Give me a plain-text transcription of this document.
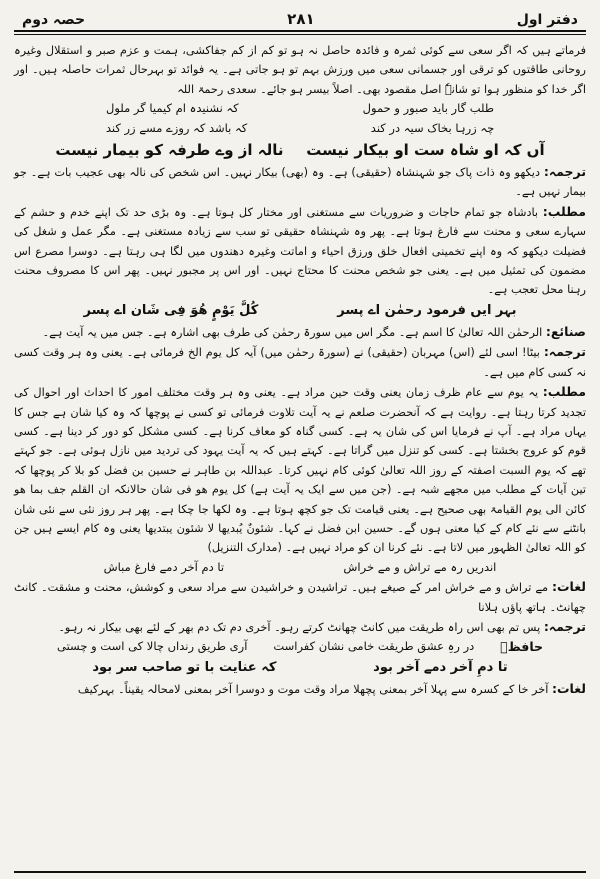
دفتر اول
۲۸۱
حصہ دوم

فرماتے ہیں کہ اگر سعی سے کوئی ثمرہ و فائدہ حاصل نہ ہو تو کم از کم جفاکشی، ہمت و عزم صبر و استقلال وغیرہ روحانی طاقتوں کو ترقی اور جسمانی سعی میں ورزش بہم تو ہو جاتی ہے۔ یہ فوائد تو بہرحال ثمرات حاصلہ ہیں۔ اور اگر خدا کو منظور ہوا تو شانہٗ اصل مقصود بھی۔ اصلاً بیسر ہو جائے۔ سعدی رحمۃ اللہ

طلب گار باید صبور و حمول
کہ نشنیدہ ام کیمیا گر ملول
چہ زرہا بخاک سیہ در کند
کہ باشد کہ روزے مسے زر کند
آں کہ او شاہ ست او بیکار نیست
نالہ از وے طرفہ کو بیمار نیست

ترجمہ: دیکھو وہ ذات پاک جو شہنشاہ (حقیقی) ہے۔ وہ (بھی) بیکار نہیں۔ اس شخص کی نالہ بھی عجیب بات ہے۔ جو بیمار نہیں ہے۔

مطلب: بادشاہ جو تمام حاجات و ضروریات سے مستغنی اور مختار کل ہوتا ہے۔ وہ بڑی حد تک اپنے خدم و حشم کے سہارے سعی و محنت سے فارغ ہوتا ہے۔ پھر وہ شہنشاہ حقیقی تو سب سے زیادہ مستغنی ہے۔ مگر عمل و شغل کی فضیلت دیکھو کہ وہ اپنے تخمینی افعال خلق ورزق احیاء و اماتت وغیرہ دھندوں میں لگا ہی رہتا ہے۔ دوسرا مصرع اس مضمون کی تمثیل میں ہے۔ یعنی جو شخص محنت کا محتاج نہیں۔ اور اس پر مجبور نہیں۔ پھر اس کا مصروف محنت رہنا محل تعجب ہے۔

بہر ایں فرمود رحمٰن اے پسر
کُلَّ یَوْمٍ ھُوَ فِی شَان اے پسر

صنائع: الرحمٰن اللہ تعالیٰ کا اسم ہے۔ مگر اس میں سورۃ رحمٰن کی طرف بھی اشارہ ہے۔ جس میں یہ آیت ہے۔

ترجمہ: بیٹا! اسی لئے (اس) مہربان (حقیقی) نے (سورۃ رحمٰن میں) آیہ کل یوم الخ فرمائی ہے۔ یعنی وہ ہر وقت کسی نہ کسی کام میں ہے۔

مطلب: یہ یوم سے عام ظرف زمان یعنی وقت حین مراد ہے۔ یعنی وہ ہر وقت مختلف امور کا احداث اور احوال کی تجدید کرتا رہتا ہے۔ روایت ہے کہ آنحضرت صلعم نے یہ آیت تلاوت فرمائی تو کسی نے پوچھا کہ وہ کیا شان ہے جس کا یہاں مراد ہے۔ آپ نے فرمایا اس کی شان یہ ہے۔ کسی گناہ کو معاف کرنا ہے۔ کسی مشکل کو دور کر دینا ہے۔ کسی قوم کو عروج بخشتا ہے۔ کسی کو تنزل میں گراتا ہے۔ کہتے ہیں کہ یہ آیت یہود کی تردید میں نازل ہوئی ہے۔ جو کہتے تھے کہ یوم السبت اصفتہ کے روز اللہ تعالیٰ کوئی کام نہیں کرتا۔ عبداللہ بن طاہر نے حسین بن فضل کو بلا کر پوچھا کہ تین آیات کے مطلب میں مجھے شبہ ہے۔ (جن میں سے ایک یہ آیت ہے) کل یوم ھو فی شان حالانکہ ان القلم جف بما ھو کائن الی یوم القیامۃ بھی صحیح ہے۔ یعنی قیامت تک جو کچھ ہوتا ہے۔ وہ لکھا جا چکا ہے۔ پھر ہر روز نئی سے نئی شان بانٹنے سے نئے کام کے کیا معنی ہوں گے۔ حسین ابن فضل نے کہا۔ شئونٌ یُبدیھا لا شئون یبتدیھا یعنی وہ کام ایسے ہیں جن کو اللہ تعالیٰ الظہور میں لاتا ہے۔ نئے کرنا ان کو مراد نہیں ہے۔ (مدارک التنزیل)

اندریں رہ مے تراش و مے خراش
تا دم آخر دمے فارغ مباش

لغات: مے تراش و مے خراش امر کے صیغے ہیں۔ تراشیدن و خراشیدن سے مراد سعی و کوشش، محنت و مشقت۔ کانٹ چھانٹ۔ ہاتھ پاؤں ہلانا

ترجمہ: پس تم بھی اس راہ طریقت میں کانٹ چھانٹ کرتے رہو۔ آخری دم تک دم بھر کے لئے بھی بیکار نہ رہو۔

حافظؒ
در رہِ عشق طریقت خامی نشان کفراست
آری طریق رنداں چالا کی است و چستی
تا دمِ آخر دمے آخر بود
کہ عنایت با تو صاحب سر بود

لغات: آخر خا کے کسرہ سے پہلا آخر بمعنی پچھلا مراد وقت موت و دوسرا آخر بمعنی لامحالہ یقیناً۔ بہرکیف
